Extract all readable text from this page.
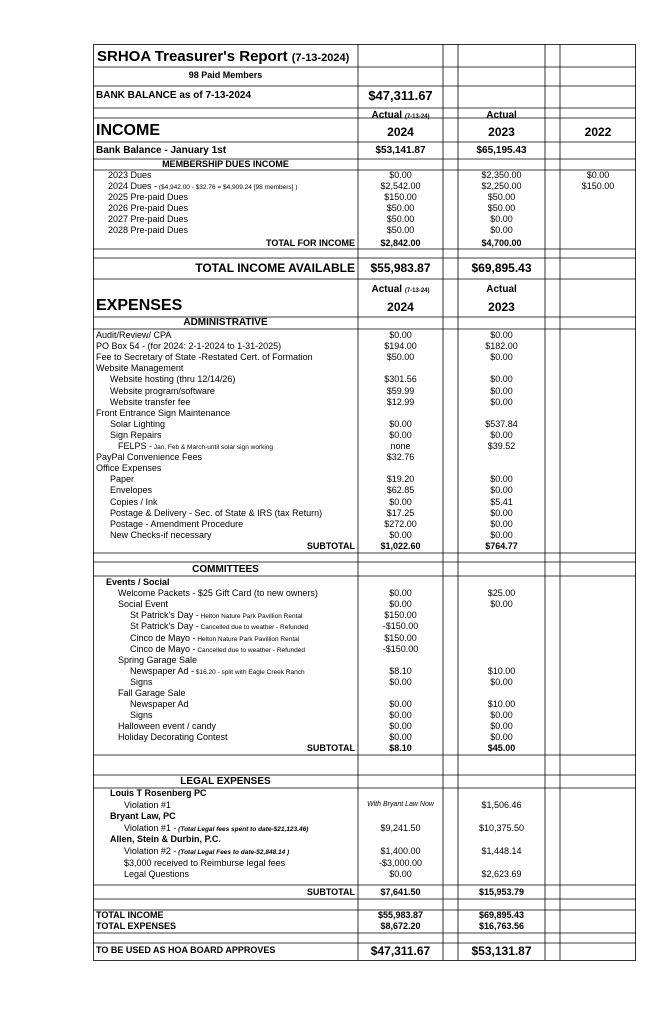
SRHOA Treasurer's Report (7-13-2024)
98 Paid Members
BANK BALANCE as of 7-13-2024	$47,311.67
Actual (7-13-24)	Actual
INCOME	2024	2023	2022
Bank Balance - January 1st	$53,141.87	$65,195.43
MEMBERSHIP DUES INCOME
2023 Dues	$0.00	$2,350.00	$0.00
2024 Dues - ($4,942.00 - $32.76 = $4,909.24 [98 members] )	$2,542.00	$2,250.00	$150.00
2025 Pre-paid Dues	$150.00	$50.00
2026 Pre-paid Dues	$50.00	$50.00
2027 Pre-paid Dues	$50.00	$0.00
2028 Pre-paid Dues	$50.00	$0.00
TOTAL FOR INCOME	$2,842.00	$4,700.00
TOTAL INCOME AVAILABLE	$55,983.87	$69,895.43
Actual (7-13-24)	Actual
EXPENSES	2024	2023
ADMINISTRATIVE
Audit/Review/ CPA	$0.00	$0.00
PO Box 54 - (for 2024: 2-1-2024 to 1-31-2025)	$194.00	$182.00
Fee to Secretary of State -Restated Cert. of Formation	$50.00	$0.00
Website Management
Website hosting (thru 12/14/26)	$301.56	$0.00
Website program/software	$59.99	$0.00
Website transfer fee	$12.99	$0.00
Front Entrance Sign Maintenance
Solar Lighting	$0.00	$537.84
Sign Repairs	$0.00	$0.00
FELPS - Jan, Feb & March-until solar sign working	none	$39.52
PayPal Convenience Fees	$32.76
Office Expenses
Paper	$19.20	$0.00
Envelopes	$62.85	$0.00
Copies / Ink	$0.00	$5.41
Postage & Delivery - Sec. of State & IRS (tax Return)	$17.25	$0.00
Postage - Amendment Procedure	$272.00	$0.00
New Checks-if necessary	$0.00	$0.00
SUBTOTAL	$1,022.60	$764.77
COMMITTEES
Events / Social
Welcome Packets - $25 Gift Card (to new owners)	$0.00	$25.00
Social Event	$0.00	$0.00
St Patrick's Day - Helton Nature Park Pavillion Rental	$150.00
St Patrick's Day - Cancelled due to weather - Refunded	-$150.00
Cinco de Mayo - Helton Nature Park Pavillion Rental	$150.00
Cinco de Mayo - Cancelled due to weather - Refunded	-$150.00
Spring Garage Sale
Newspaper Ad - $16.20 - split with Eagle Creek Ranch	$8.10	$10.00
Signs	$0.00	$0.00
Fall Garage Sale
Newspaper Ad	$0.00	$10.00
Signs	$0.00	$0.00
Halloween event / candy	$0.00	$0.00
Holiday Decorating Contest	$0.00	$0.00
SUBTOTAL	$8.10	$45.00
LEGAL EXPENSES
Louis T Rosenberg PC
Violation #1	With Bryant Law Now	$1,506.46
Bryant Law, PC
Violation #1 - (Total Legal fees spent to date-$21,123.46)	$9,241.50	$10,375.50
Allen, Stein & Durbin, P.C.
Violation #2 - (Total Legal Fees to date-$2,848.14 )	$1,400.00	$1,448.14
$3,000 received to Reimburse legal fees	-$3,000.00
Legal Questions	$0.00	$2,623.69
SUBTOTAL	$7,641.50	$15,953.79
TOTAL INCOME	$55,983.87	$69,895.43
TOTAL EXPENSES	$8,672.20	$16,763.56
TO BE USED AS HOA BOARD APPROVES	$47,311.67	$53,131.87
